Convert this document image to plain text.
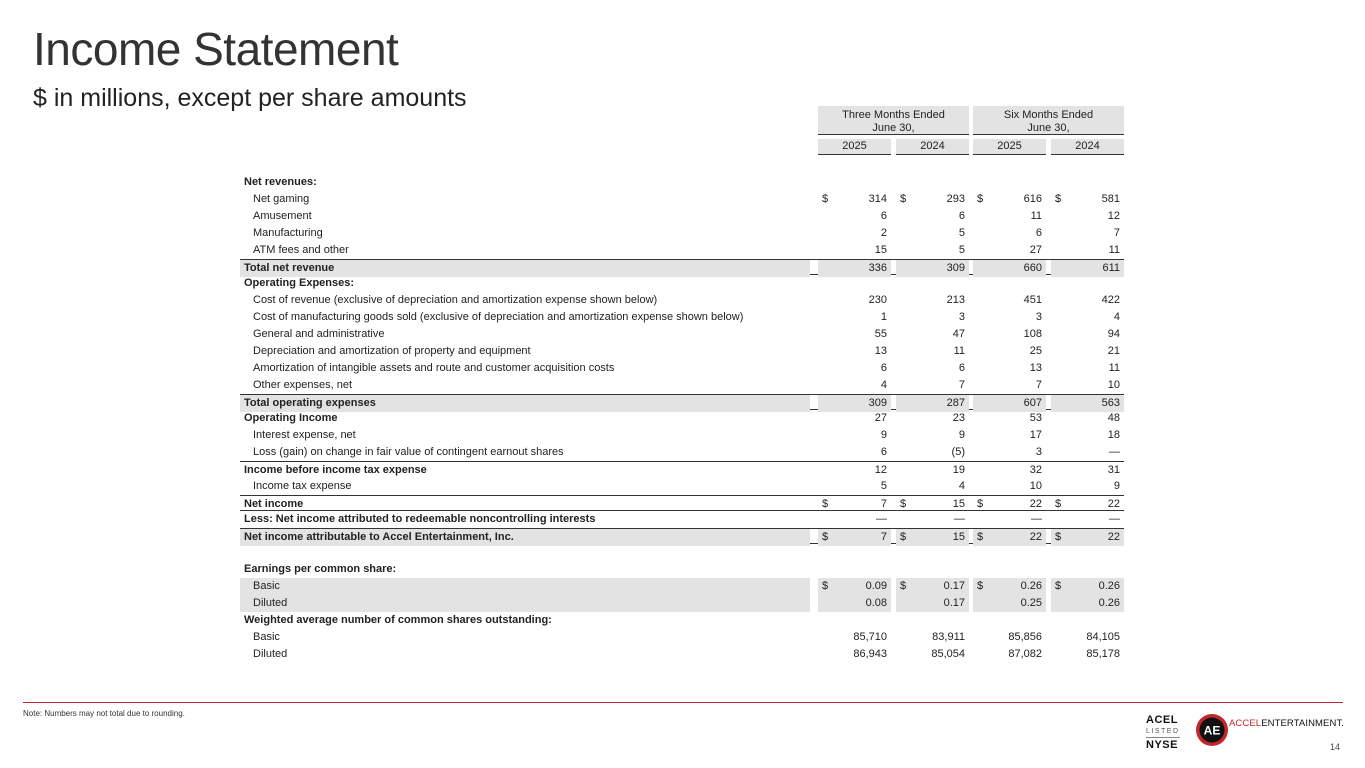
Income Statement
$ in millions, except per share amounts
Three Months Ended
June 30,
Six Months Ended
June 30,
2025	2024	2025	2024
Net revenues:
Net gaming	$	314	$	293	$	616	$	581
Amusement	6	6	11	12
Manufacturing	2	5	6	7
ATM fees and other	15	5	27	11
Total net revenue	336	309	660	611
Operating Expenses:
Cost of revenue (exclusive of depreciation and amortization expense shown below)	230	213	451	422
Cost of manufacturing goods sold (exclusive of depreciation and amortization expense shown below)	1	3	3	4
General and administrative	55	47	108	94
Depreciation and amortization of property and equipment	13	11	25	21
Amortization of intangible assets and route and customer acquisition costs	6	6	13	11
Other expenses, net	4	7	7	10
Total operating expenses	309	287	607	563
Operating Income	27	23	53	48
Interest expense, net	9	9	17	18
Loss (gain) on change in fair value of contingent earnout shares	6	(5)	3	—
Income before income tax expense	12	19	32	31
Income tax expense	5	4	10	9
Net income	$	7	$	15	$	22	$	22
Less: Net income attributed to redeemable noncontrolling interests	—	—	—	—
Net income attributable to Accel Entertainment, Inc.	$	7	$	15	$	22	$	22
Earnings per common share:
Basic	$	0.09	$	0.17	$	0.26	$	0.26
Diluted	0.08	0.17	0.25	0.26
Weighted average number of common shares outstanding:
Basic	85,710	83,911	85,856	84,105
Diluted	86,943	85,054	87,082	85,178
Note: Numbers may not total due to rounding.
ACEL
LISTED
NYSE
AE ACCELENTERTAINMENT.
14
